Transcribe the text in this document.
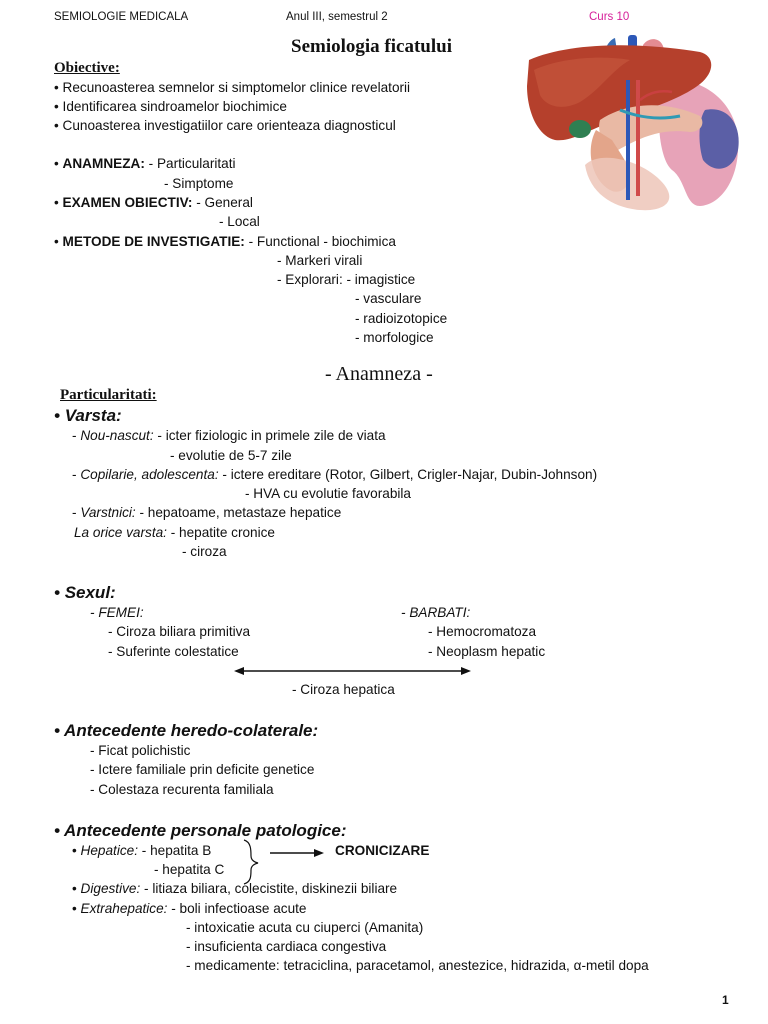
SEMIOLOGIE MEDICALA	Anul III, semestrul 2	Curs 10
Semiologia ficatului
Obiective:
• Recunoasterea semnelor si simptomelor clinice revelatorii
• Identificarea sindroamelor biochimice
• Cunoasterea investigatiilor care orienteaza diagnosticul
• ANAMNEZA: - Particularitati
- Simptome
• EXAMEN OBIECTIV: - General
- Local
• METODE DE INVESTIGATIE: - Functional - biochimica
- Markeri virali
- Explorari: - imagistice
- vasculare
- radioizotopice
- morfologice
- Anamneza -
Particularitati:
• Varsta:
- Nou-nascut: - icter fiziologic in primele zile de viata
- evolutie de 5-7 zile
- Copilarie, adolescenta: - ictere ereditare (Rotor, Gilbert, Crigler-Najar, Dubin-Johnson)
- HVA cu evolutie favorabila
- Varstnici: - hepatoame, metastaze hepatice
La orice varsta: - hepatite cronice
- ciroza
• Sexul:
- FEMEI:
- Ciroza biliara primitiva
- Suferinte colestatice
- BARBATI:
- Hemocromatoza
- Neoplasm hepatic
- Ciroza hepatica
• Antecedente heredo-colaterale:
- Ficat polichistic
- Ictere familiale prin deficite genetice
- Colestaza recurenta familiala
• Antecedente personale patologice:
• Hepatice: - hepatita B
- hepatita C
CRONICIZARE
• Digestive: - litiaza biliara, colecistite, diskinezii biliare
• Extrahepatice: - boli infectioase acute
- intoxicatie acuta cu ciuperci (Amanita)
- insuficienta cardiaca congestiva
- medicamente: tetraciclina, paracetamol, anestezice, hidrazida, α-metil dopa
1
